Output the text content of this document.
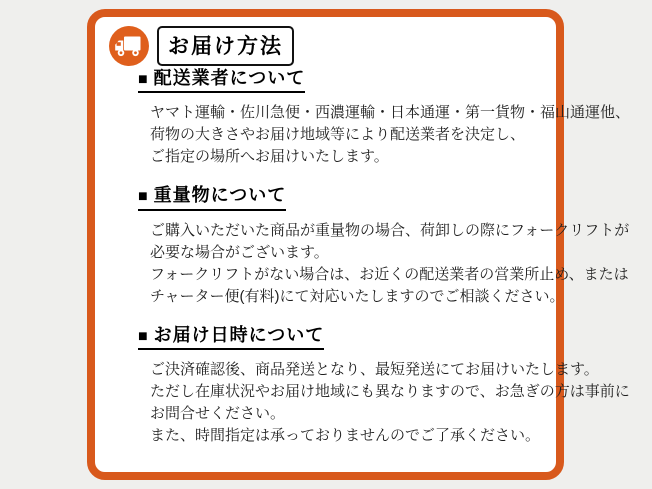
お届け方法
■ 配送業者について
ヤマト運輸・佐川急便・西濃運輸・日本通運・第一貨物・福山通運他、
荷物の大きさやお届け地域等により配送業者を決定し、
ご指定の場所へお届けいたします。
■ 重量物について
ご購入いただいた商品が重量物の場合、荷卸しの際にフォークリフトが
必要な場合がございます。
フォークリフトがない場合は、お近くの配送業者の営業所止め、または
チャーター便(有料)にて対応いたしますのでご相談ください。
■ お届け日時について
ご決済確認後、商品発送となり、最短発送にてお届けいたします。
ただし在庫状況やお届け地域にも異なりますので、お急ぎの方は事前に
お問合せください。
また、時間指定は承っておりませんのでご了承ください。
